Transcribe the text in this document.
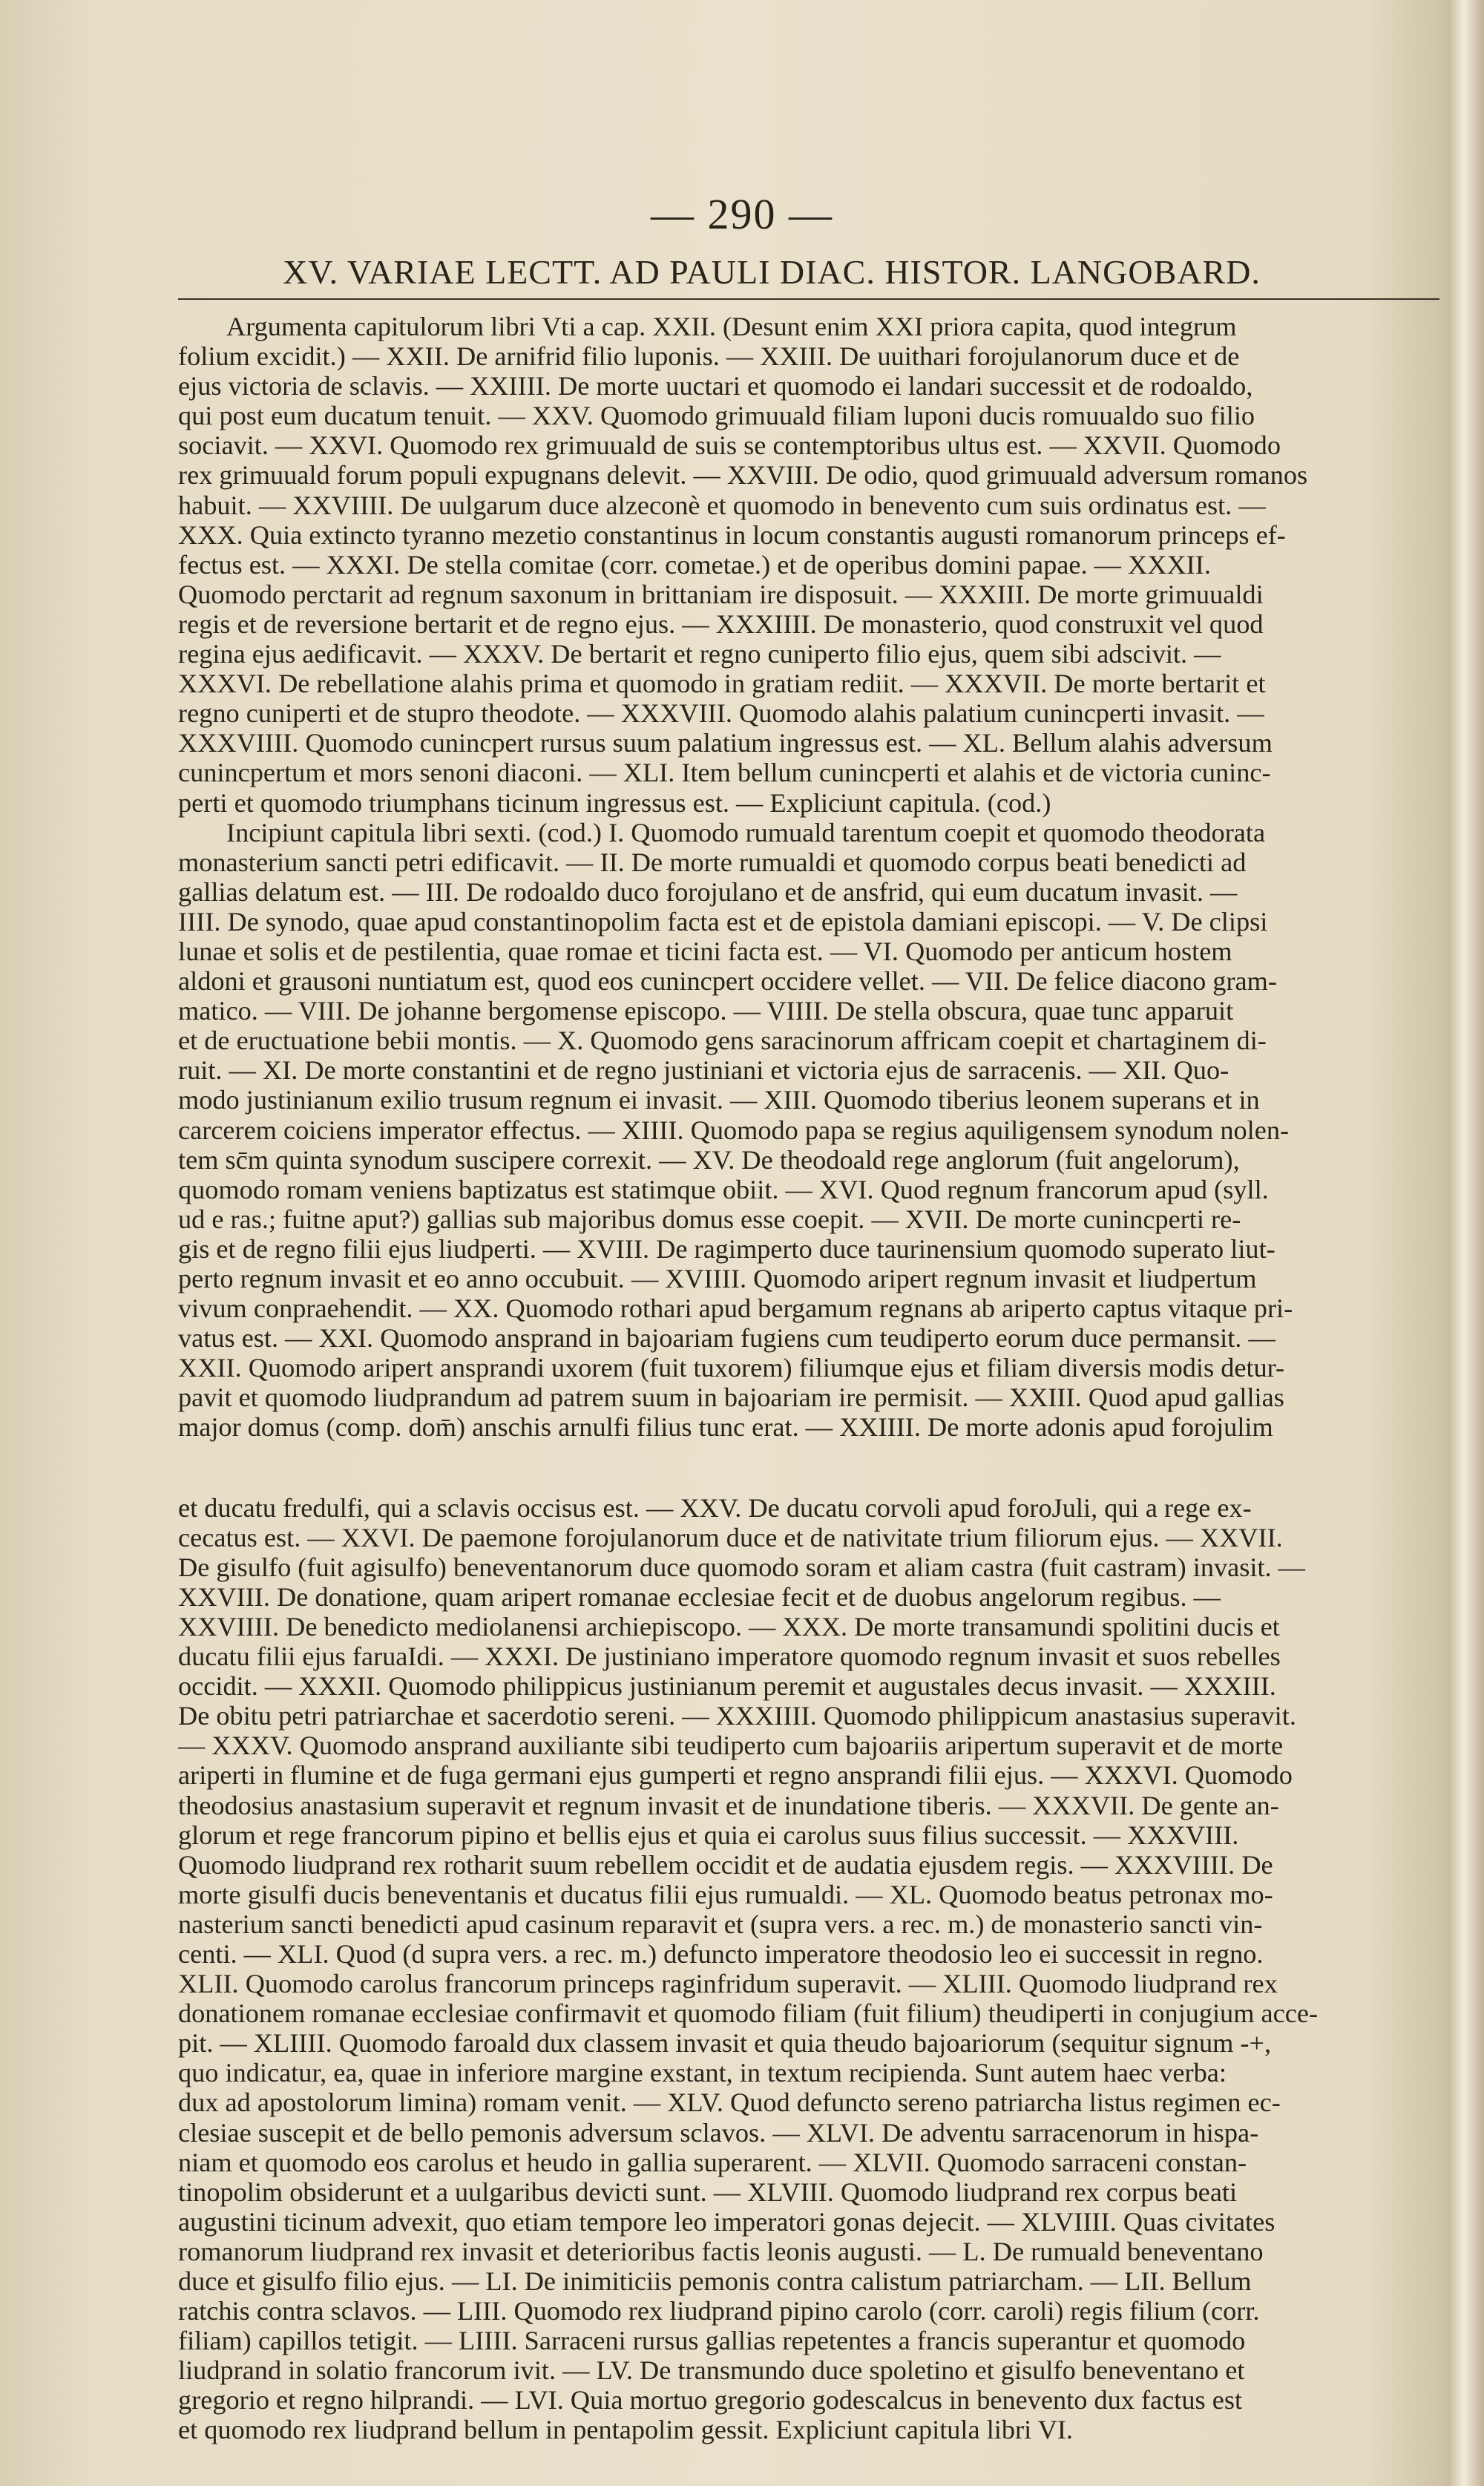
— 290 —
XV. VARIAE LECTT. AD PAULI DIAC. HISTOR. LANGOBARD.
Argumenta capitulorum libri Vti a cap. XXII. (Desunt enim XXI priora capita, quod integrum
folium excidit.) — XXII. De arnifrid filio luponis. — XXIII. De uuithari forojulanorum duce et de
ejus victoria de sclavis. — XXIIII. De morte uuctari et quomodo ei landari successit et de rodoaldo,
qui post eum ducatum tenuit. — XXV. Quomodo grimuuald filiam luponi ducis romuualdo suo filio
sociavit. — XXVI. Quomodo rex grimuuald de suis se contemptoribus ultus est. — XXVII. Quomodo
rex grimuuald forum populi expugnans delevit. — XXVIII. De odio, quod grimuuald adversum romanos
habuit. — XXVIIII. De uulgarum duce alzeconè et quomodo in benevento cum suis ordinatus est. —
XXX. Quia extincto tyranno mezetio constantinus in locum constantis augusti romanorum princeps ef-
fectus est. — XXXI. De stella comitae (corr. cometae.) et de operibus domini papae. — XXXII.
Quomodo perctarit ad regnum saxonum in brittaniam ire disposuit. — XXXIII. De morte grimuualdi
regis et de reversione bertarit et de regno ejus. — XXXIIII. De monasterio, quod construxit vel quod
regina ejus aedificavit. — XXXV. De bertarit et regno cuniperto filio ejus, quem sibi adscivit. —
XXXVI. De rebellatione alahis prima et quomodo in gratiam rediit. — XXXVII. De morte bertarit et
regno cuniperti et de stupro theodote. — XXXVIII. Quomodo alahis palatium cunincperti invasit. —
XXXVIIII. Quomodo cunincpert rursus suum palatium ingressus est. — XL. Bellum alahis adversum
cunincpertum et mors senoni diaconi. — XLI. Item bellum cunincperti et alahis et de victoria cuninc-
perti et quomodo triumphans ticinum ingressus est. — Expliciunt capitula. (cod.)
Incipiunt capitula libri sexti. (cod.) I. Quomodo rumuald tarentum coepit et quomodo theodorata
monasterium sancti petri edificavit. — II. De morte rumualdi et quomodo corpus beati benedicti ad
gallias delatum est. — III. De rodoaldo duco forojulano et de ansfrid, qui eum ducatum invasit. —
IIII. De synodo, quae apud constantinopolim facta est et de epistola damiani episcopi. — V. De clipsi
lunae et solis et de pestilentia, quae romae et ticini facta est. — VI. Quomodo per anticum hostem
aldoni et grausoni nuntiatum est, quod eos cunincpert occidere vellet. — VII. De felice diacono gram-
matico. — VIII. De johanne bergomense episcopo. — VIIII. De stella obscura, quae tunc apparuit
et de eructuatione bebii montis. — X. Quomodo gens saracinorum affricam coepit et chartaginem di-
ruit. — XI. De morte constantini et de regno justiniani et victoria ejus de sarracenis. — XII. Quo-
modo justinianum exilio trusum regnum ei invasit. — XIII. Quomodo tiberius leonem superans et in
carcerem coiciens imperator effectus. — XIIII. Quomodo papa se regius aquiligensem synodum nolen-
tem sc̄m quinta synodum suscipere correxit. — XV. De theodoald rege anglorum (fuit angelorum),
quomodo romam veniens baptizatus est statimque obiit. — XVI. Quod regnum francorum apud (syll.
ud e ras.; fuitne aput?) gallias sub majoribus domus esse coepit. — XVII. De morte cunincperti re-
gis et de regno filii ejus liudperti. — XVIII. De ragimperto duce taurinensium quomodo superato liut-
perto regnum invasit et eo anno occubuit. — XVIIII. Quomodo aripert regnum invasit et liudpertum
vivum conpraehendit. — XX. Quomodo rothari apud bergamum regnans ab ariperto captus vitaque pri-
vatus est. — XXI. Quomodo ansprand in bajoariam fugiens cum teudiperto eorum duce permansit. —
XXII. Quomodo aripert ansprandi uxorem (fuit tuxorem) filiumque ejus et filiam diversis modis detur-
pavit et quomodo liudprandum ad patrem suum in bajoariam ire permisit. — XXIII. Quod apud gallias
major domus (comp. dom̄) anschis arnulfi filius tunc erat. — XXIIII. De morte adonis apud forojulim
et ducatu fredulfi, qui a sclavis occisus est. — XXV. De ducatu corvoli apud foroJuli, qui a rege ex-
cecatus est. — XXVI. De paemone forojulanorum duce et de nativitate trium filiorum ejus. — XXVII.
De gisulfo (fuit agisulfo) beneventanorum duce quomodo soram et aliam castra (fuit castram) invasit. —
XXVIII. De donatione, quam aripert romanae ecclesiae fecit et de duobus angelorum regibus. —
XXVIIII. De benedicto mediolanensi archiepiscopo. — XXX. De morte transamundi spolitini ducis et
ducatu filii ejus faruaIdi. — XXXI. De justiniano imperatore quomodo regnum invasit et suos rebelles
occidit. — XXXII. Quomodo philippicus justinianum peremit et augustales decus invasit. — XXXIII.
De obitu petri patriarchae et sacerdotio sereni. — XXXIIII. Quomodo philippicum anastasius superavit.
— XXXV. Quomodo ansprand auxiliante sibi teudiperto cum bajoariis aripertum superavit et de morte
ariperti in flumine et de fuga germani ejus gumperti et regno ansprandi filii ejus. — XXXVI. Quomodo
theodosius anastasium superavit et regnum invasit et de inundatione tiberis. — XXXVII. De gente an-
glorum et rege francorum pipino et bellis ejus et quia ei carolus suus filius successit. — XXXVIII.
Quomodo liudprand rex rotharit suum rebellem occidit et de audatia ejusdem regis. — XXXVIIII. De
morte gisulfi ducis beneventanis et ducatus filii ejus rumualdi. — XL. Quomodo beatus petronax mo-
nasterium sancti benedicti apud casinum reparavit et (supra vers. a rec. m.) de monasterio sancti vin-
centi. — XLI. Quod (d supra vers. a rec. m.) defuncto imperatore theodosio leo ei successit in regno.
XLII. Quomodo carolus francorum princeps raginfridum superavit. — XLIII. Quomodo liudprand rex
donationem romanae ecclesiae confirmavit et quomodo filiam (fuit filium) theudiperti in conjugium acce-
pit. — XLIIII. Quomodo faroald dux classem invasit et quia theudo bajoariorum (sequitur signum -+,
quo indicatur, ea, quae in inferiore margine exstant, in textum recipienda. Sunt autem haec verba:
dux ad apostolorum limina) romam venit. — XLV. Quod defuncto sereno patriarcha listus regimen ec-
clesiae suscepit et de bello pemonis adversum sclavos. — XLVI. De adventu sarracenorum in hispa-
niam et quomodo eos carolus et heudo in gallia superarent. — XLVII. Quomodo sarraceni constan-
tinopolim obsiderunt et a uulgaribus devicti sunt. — XLVIII. Quomodo liudprand rex corpus beati
augustini ticinum advexit, quo etiam tempore leo imperatori gonas dejecit. — XLVIIII. Quas civitates
romanorum liudprand rex invasit et deterioribus factis leonis augusti. — L. De rumuald beneventano
duce et gisulfo filio ejus. — LI. De inimiticiis pemonis contra calistum patriarcham. — LII. Bellum
ratchis contra sclavos. — LIII. Quomodo rex liudprand pipino carolo (corr. caroli) regis filium (corr.
filiam) capillos tetigit. — LIIII. Sarraceni rursus gallias repetentes a francis superantur et quomodo
liudprand in solatio francorum ivit. — LV. De transmundo duce spoletino et gisulfo beneventano et
gregorio et regno hilprandi. — LVI. Quia mortuo gregorio godescalcus in benevento dux factus est
et quomodo rex liudprand bellum in pentapolim gessit. Expliciunt capitula libri VI.
